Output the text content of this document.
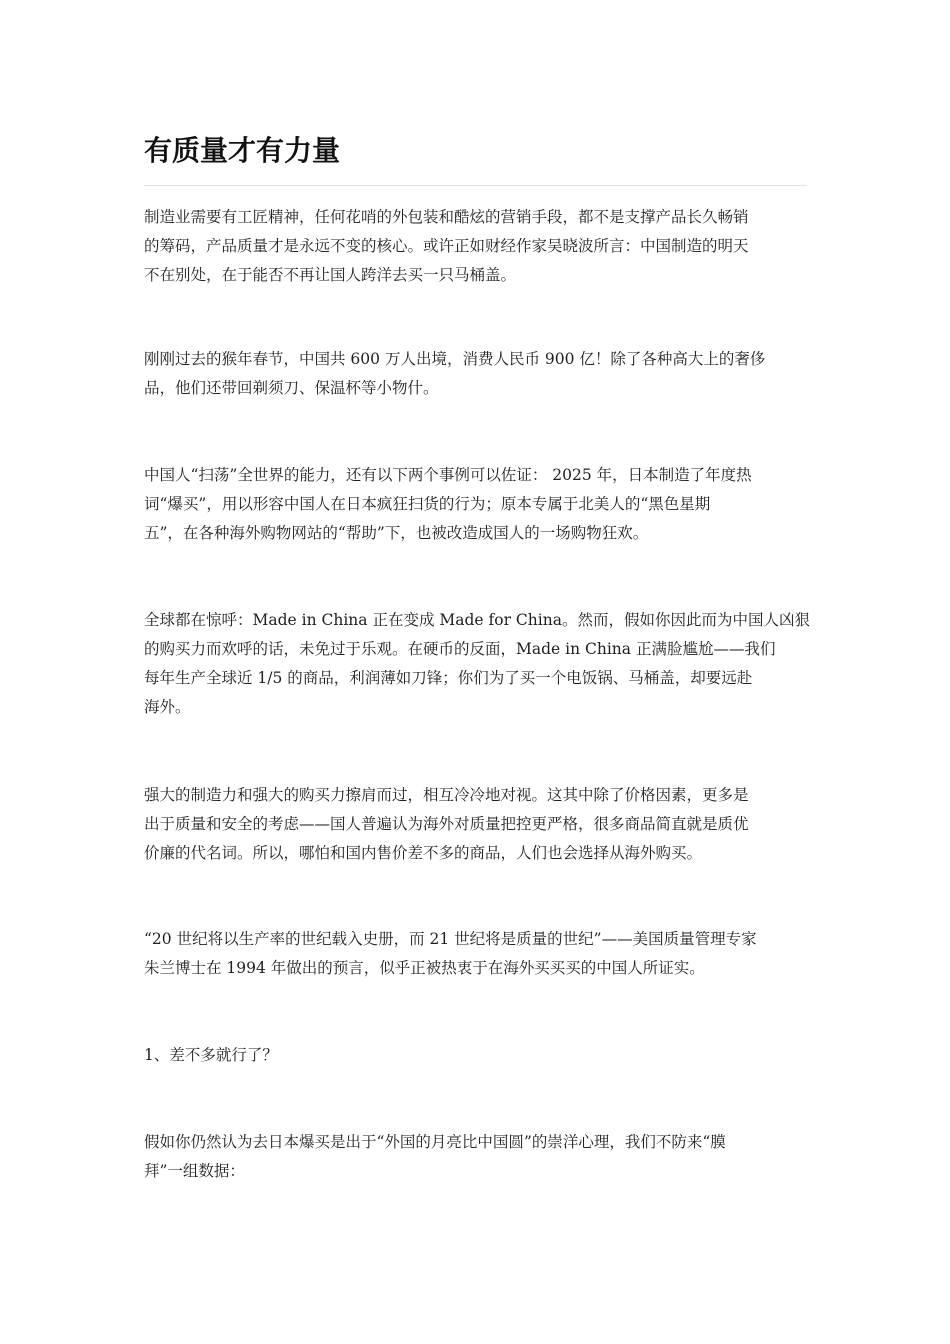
有质量才有力量

制造业需要有工匠精神，任何花哨的外包装和酷炫的营销手段，都不是支撑产品长久畅销
的筹码，产品质量才是永远不变的核心。或许正如财经作家吴晓波所言：中国制造的明天
不在别处，在于能否不再让国人跨洋去买一只马桶盖。

刚刚过去的猴年春节，中国共 600 万人出境，消费人民币 900 亿！除了各种高大上的奢侈
品，他们还带回剃须刀、保温杯等小物什。

中国人“扫荡”全世界的能力，还有以下两个事例可以佐证： 2025 年，日本制造了年度热
词“爆买”，用以形容中国人在日本疯狂扫货的行为；原本专属于北美人的“黑色星期
五”，在各种海外购物网站的“帮助”下，也被改造成国人的一场购物狂欢。

全球都在惊呼：Made in China 正在变成 Made for China。然而，假如你因此而为中国人凶狠
的购买力而欢呼的话，未免过于乐观。在硬币的反面，Made in China 正满脸尴尬——我们
每年生产全球近 1/5 的商品，利润薄如刀锋；你们为了买一个电饭锅、马桶盖，却要远赴
海外。

强大的制造力和强大的购买力擦肩而过，相互冷冷地对视。这其中除了价格因素，更多是
出于质量和安全的考虑——国人普遍认为海外对质量把控更严格，很多商品简直就是质优
价廉的代名词。所以，哪怕和国内售价差不多的商品，人们也会选择从海外购买。

“20 世纪将以生产率的世纪载入史册，而 21 世纪将是质量的世纪”——美国质量管理专家
朱兰博士在 1994 年做出的预言，似乎正被热衷于在海外买买买的中国人所证实。

1、差不多就行了？

假如你仍然认为去日本爆买是出于“外国的月亮比中国圆”的崇洋心理，我们不防来“膜
拜”一组数据：
